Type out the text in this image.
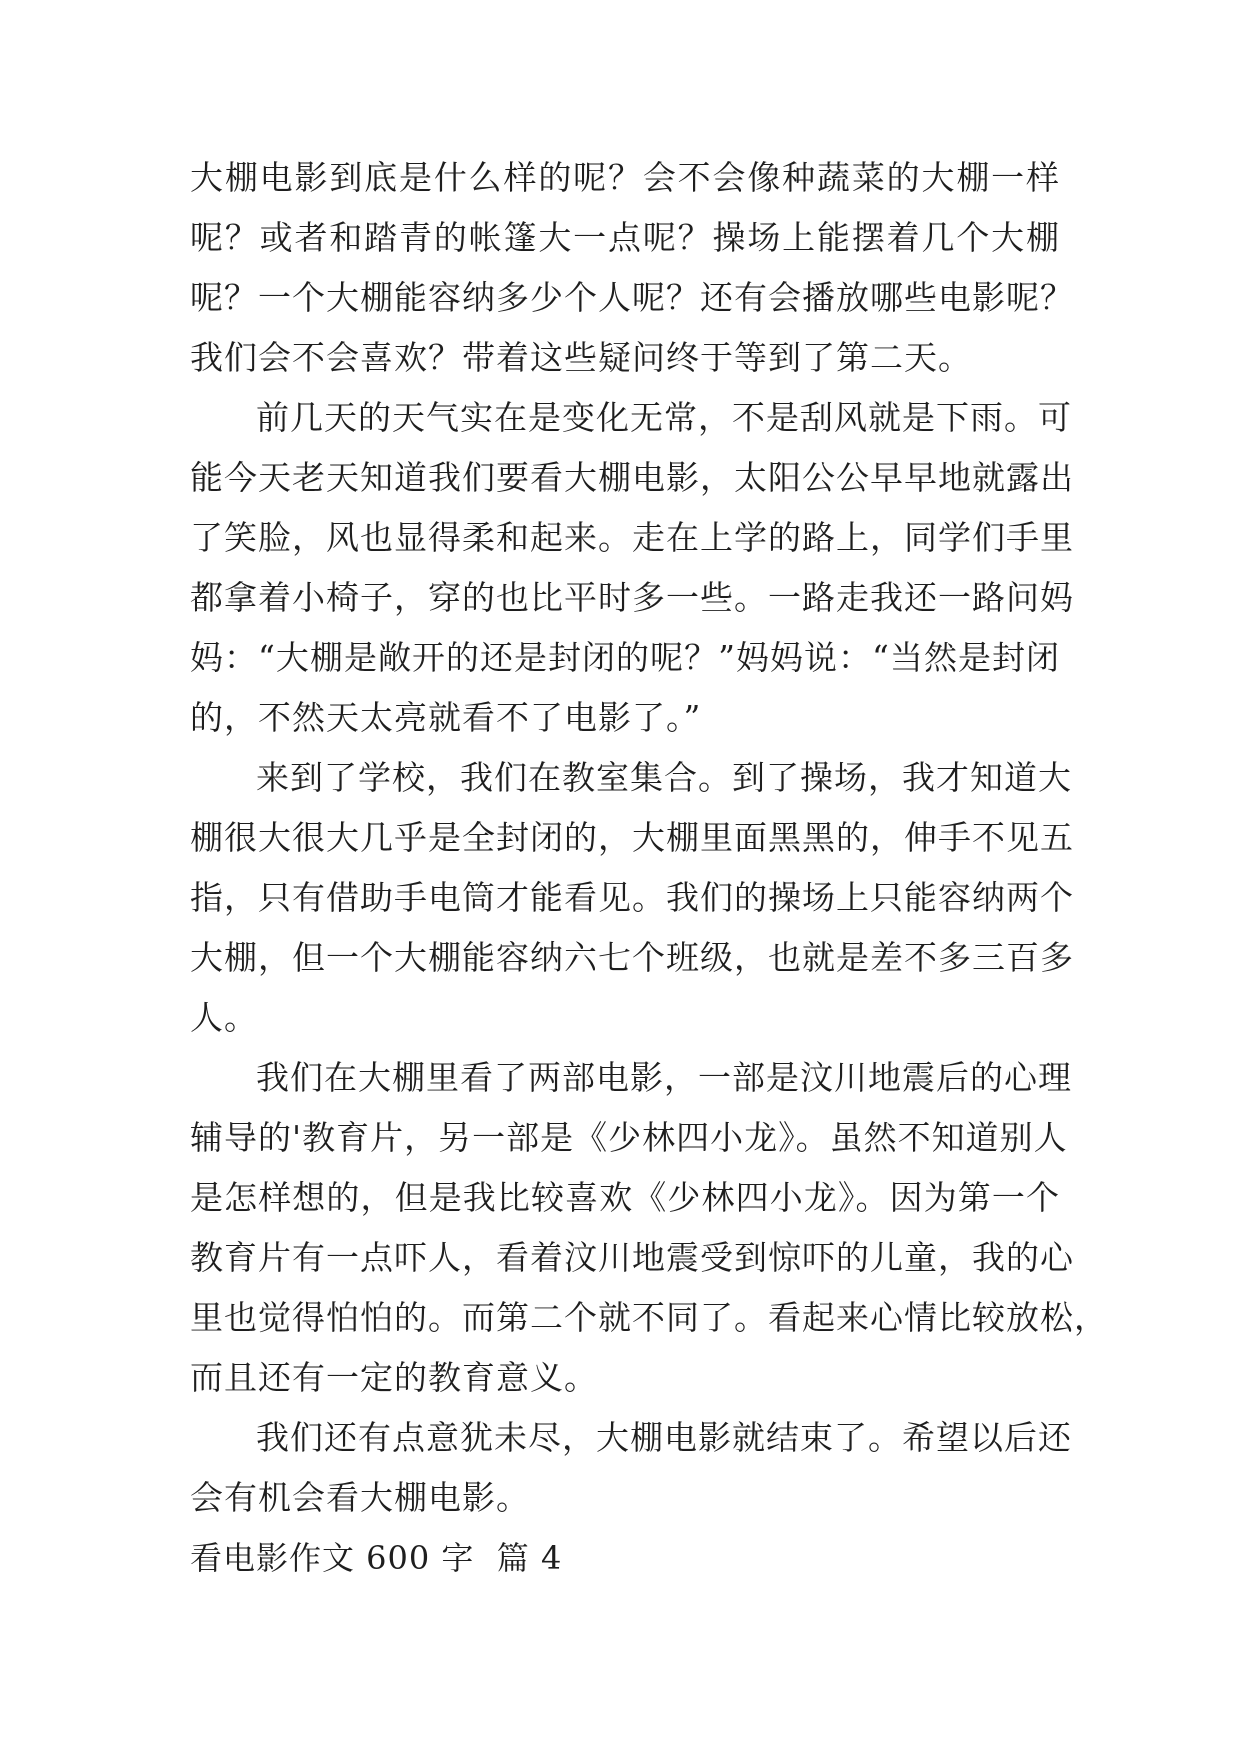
大棚电影到底是什么样的呢？会不会像种蔬菜的大棚一样
呢？或者和踏青的帐篷大一点呢？操场上能摆着几个大棚
呢？一个大棚能容纳多少个人呢？还有会播放哪些电影呢？
我们会不会喜欢？带着这些疑问终于等到了第二天。
前几天的天气实在是变化无常，不是刮风就是下雨。可
能今天老天知道我们要看大棚电影，太阳公公早早地就露出
了笑脸，风也显得柔和起来。走在上学的路上，同学们手里
都拿着小椅子，穿的也比平时多一些。一路走我还一路问妈
妈：“大棚是敞开的还是封闭的呢？”妈妈说：“当然是封闭
的，不然天太亮就看不了电影了。”
来到了学校，我们在教室集合。到了操场，我才知道大
棚很大很大几乎是全封闭的，大棚里面黑黑的，伸手不见五
指，只有借助手电筒才能看见。我们的操场上只能容纳两个
大棚，但一个大棚能容纳六七个班级，也就是差不多三百多
人。
我们在大棚里看了两部电影，一部是汶川地震后的心理
辅导的'教育片，另一部是《少林四小龙》。虽然不知道别人
是怎样想的，但是我比较喜欢《少林四小龙》。因为第一个
教育片有一点吓人，看着汶川地震受到惊吓的儿童，我的心
里也觉得怕怕的。而第二个就不同了。看起来心情比较放松，
而且还有一定的教育意义。
我们还有点意犹未尽，大棚电影就结束了。希望以后还
会有机会看大棚电影。
看电影作文 600 字  篇 4
